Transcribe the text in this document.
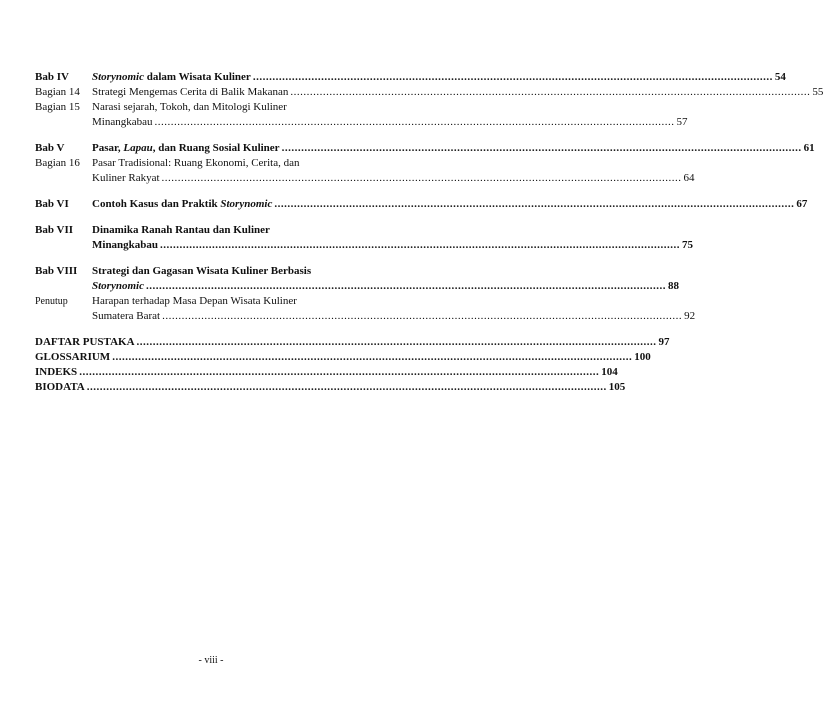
Bab IV	Storynomic dalam Wisata Kuliner .....	54
Bagian 14	Strategi Mengemas Cerita di Balik Makanan .....	55
Bagian 15	Narasi sejarah, Tokoh, dan Mitologi Kuliner
Minangkabau .....	57
Bab V	Pasar, Lapau, dan Ruang Sosial Kuliner .....	61
Bagian 16	Pasar Tradisional: Ruang Ekonomi, Cerita, dan
Kuliner Rakyat .....	64
Bab VI	Contoh Kasus dan Praktik Storynomic .....	67
Bab VII	Dinamika Ranah Rantau dan Kuliner
Minangkabau .....	75
Bab VIII	Strategi dan Gagasan Wisata Kuliner Berbasis
Storynomic .....	88
Penutup	Harapan terhadap Masa Depan Wisata Kuliner
Sumatera Barat .....	92
DAFTAR PUSTAKA .....	97
GLOSSARIUM .....	100
INDEKS .....	104
BIODATA .....	105
- viii -
